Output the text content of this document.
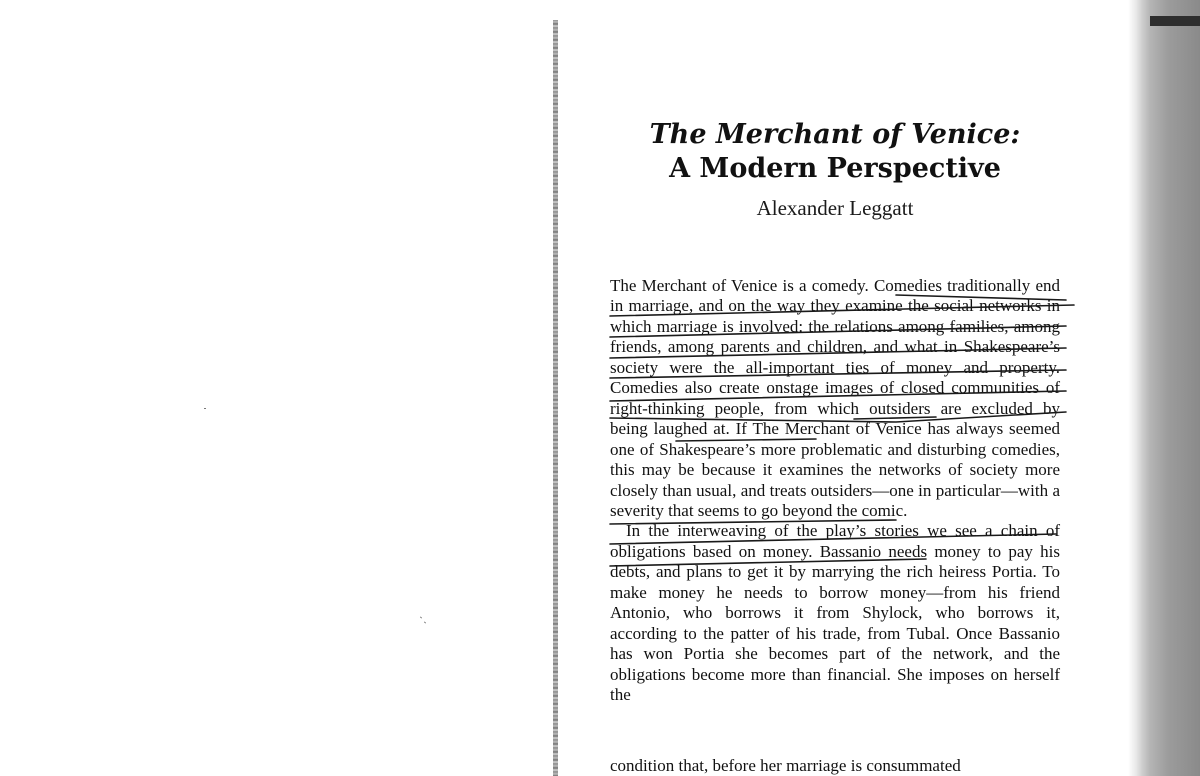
The Merchant of Venice:
A Modern Perspective
Alexander Leggatt

The Merchant of Venice is a comedy. Comedies traditionally end in marriage, and on the way they examine the social networks in which marriage is involved: the relations among families, among friends, among parents and children, and what in Shakespeare’s society were the all-important ties of money and property. Comedies also create onstage images of closed communities of right-thinking people, from which outsiders are excluded by being laughed at. If The Merchant of Venice has always seemed one of Shakespeare’s more problematic and disturbing comedies, this may be because it examines the networks of society more closely than usual, and treats outsiders—one in particular—with a severity that seems to go beyond the comic.

In the interweaving of the play’s stories we see a chain of obligations based on money. Bassanio needs money to pay his debts, and plans to get it by marrying the rich heiress Portia. To make money he needs to borrow money—from his friend Antonio, who borrows it from Shylock, who borrows it, according to the patter of his trade, from Tubal. Once Bassanio has won Portia she becomes part of the network, and the obligations become more than financial. She imposes on herself the

condition that, before her marriage is consummated
